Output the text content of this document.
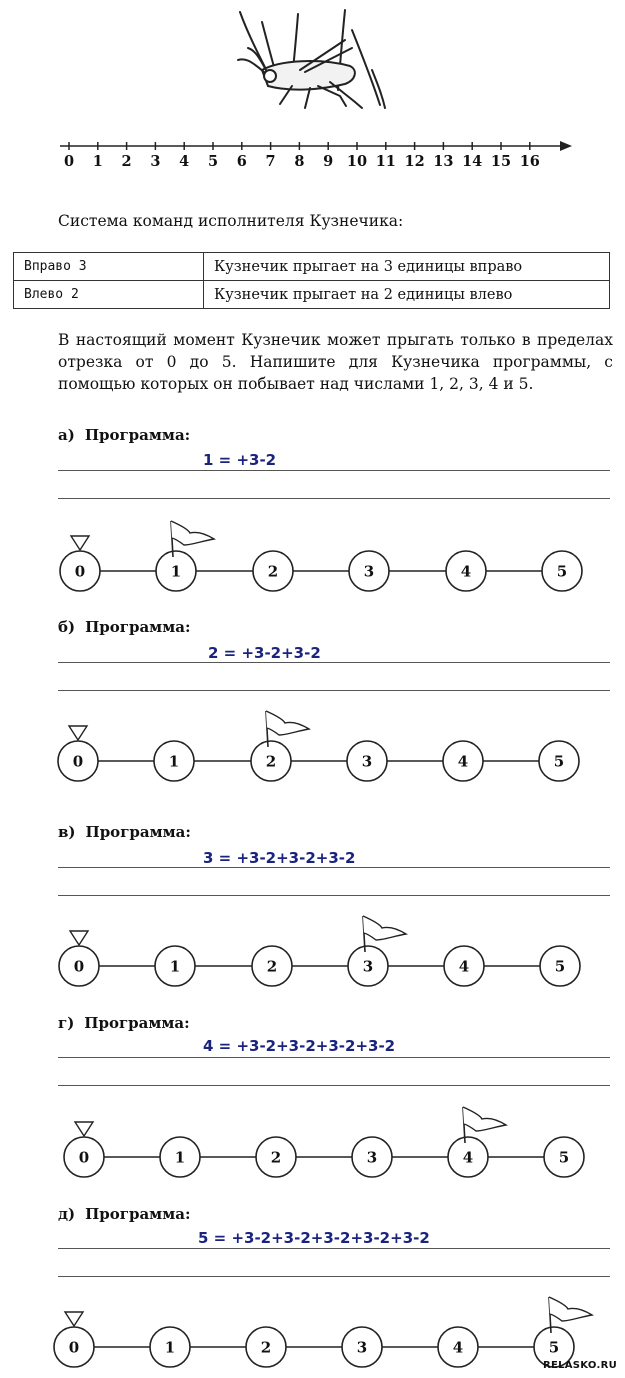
0 1 2 3 4 5 6 7 8 9 10 11 12 13 14 15 16
Система команд исполнителя Кузнечика:
Вправо 3	Кузнечик прыгает на 3 единицы вправо
Влево 2	Кузнечик прыгает на 2 единицы влево
В настоящий момент Кузнечик может прыгать только в пределах отрезка от 0 до 5. Напишите для Кузнечика программы, с помощью которых он побывает над числами 1, 2, 3, 4 и 5.
а) Программа:
1 = +3-2
б) Программа:
2 = +3-2+3-2
в) Программа:
3 = +3-2+3-2+3-2
г) Программа:
4 = +3-2+3-2+3-2+3-2
д) Программа:
5 = +3-2+3-2+3-2+3-2+3-2
0	1	2	3	4	5
0	1	2	3	4	5
0	1	2	3	4	5
0	1	2	3	4	5
0	1	2	3	4	5
RELASKO.RU
